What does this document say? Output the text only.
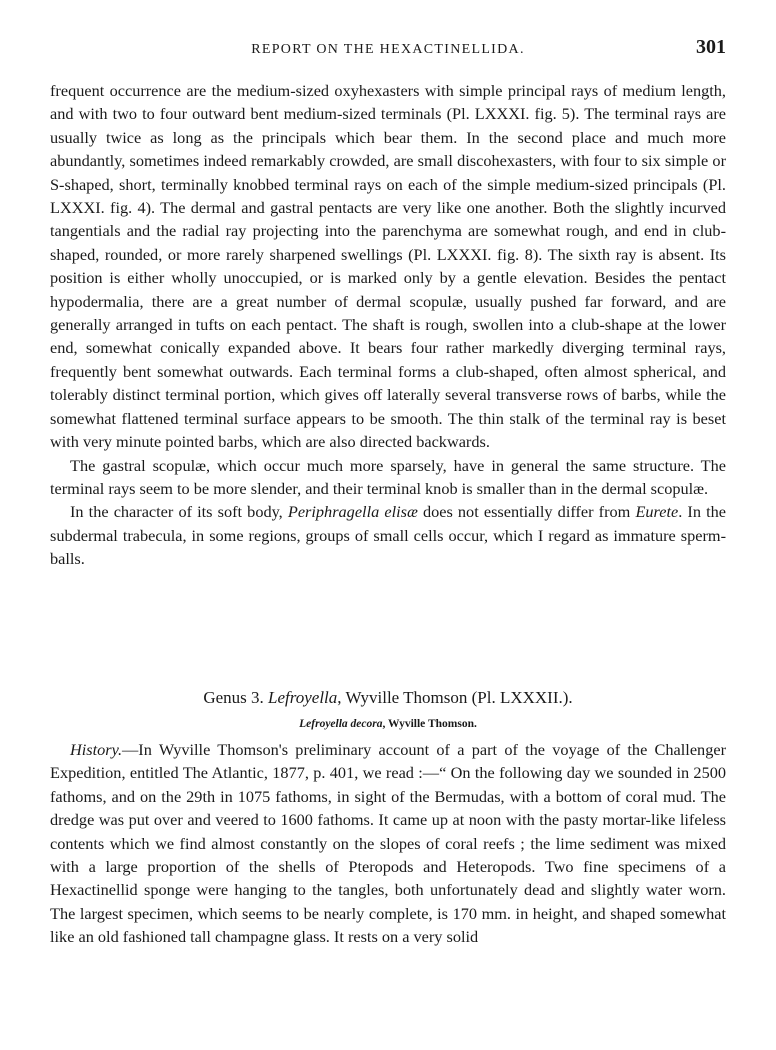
REPORT ON THE HEXACTINELLIDA.	301

frequent occurrence are the medium-sized oxyhexasters with simple principal rays of medium length, and with two to four outward bent medium-sized terminals (Pl. LXXXI. fig. 5). The terminal rays are usually twice as long as the principals which bear them. In the second place and much more abundantly, sometimes indeed remarkably crowded, are small discohexasters, with four to six simple or S-shaped, short, terminally knobbed terminal rays on each of the simple medium-sized principals (Pl. LXXXI. fig. 4). The dermal and gastral pentacts are very like one another. Both the slightly incurved tangentials and the radial ray projecting into the parenchyma are somewhat rough, and end in club-shaped, rounded, or more rarely sharpened swellings (Pl. LXXXI. fig. 8). The sixth ray is absent. Its position is either wholly unoccupied, or is marked only by a gentle elevation. Besides the pentact hypodermalia, there are a great number of dermal scopulæ, usually pushed far forward, and are generally arranged in tufts on each pentact. The shaft is rough, swollen into a club-shape at the lower end, somewhat conically expanded above. It bears four rather markedly diverging terminal rays, frequently bent somewhat outwards. Each terminal forms a club-shaped, often almost spherical, and tolerably distinct terminal portion, which gives off laterally several transverse rows of barbs, while the somewhat flattened terminal surface appears to be smooth. The thin stalk of the terminal ray is beset with very minute pointed barbs, which are also directed backwards.

The gastral scopulæ, which occur much more sparsely, have in general the same structure. The terminal rays seem to be more slender, and their terminal knob is smaller than in the dermal scopulæ.

In the character of its soft body, Periphragella elisæ does not essentially differ from Eurete. In the subdermal trabecula, in some regions, groups of small cells occur, which I regard as immature sperm-balls.

Genus 3. Lefroyella, Wyville Thomson (Pl. LXXXII.).
Lefroyella decora, Wyville Thomson.

History.—In Wyville Thomson's preliminary account of a part of the voyage of the Challenger Expedition, entitled The Atlantic, 1877, p. 401, we read :—“ On the following day we sounded in 2500 fathoms, and on the 29th in 1075 fathoms, in sight of the Bermudas, with a bottom of coral mud. The dredge was put over and veered to 1600 fathoms. It came up at noon with the pasty mortar-like lifeless contents which we find almost constantly on the slopes of coral reefs ; the lime sediment was mixed with a large proportion of the shells of Pteropods and Heteropods. Two fine specimens of a Hexactinellid sponge were hanging to the tangles, both unfortunately dead and slightly water worn. The largest specimen, which seems to be nearly complete, is 170 mm. in height, and shaped somewhat like an old fashioned tall champagne glass. It rests on a very solid
